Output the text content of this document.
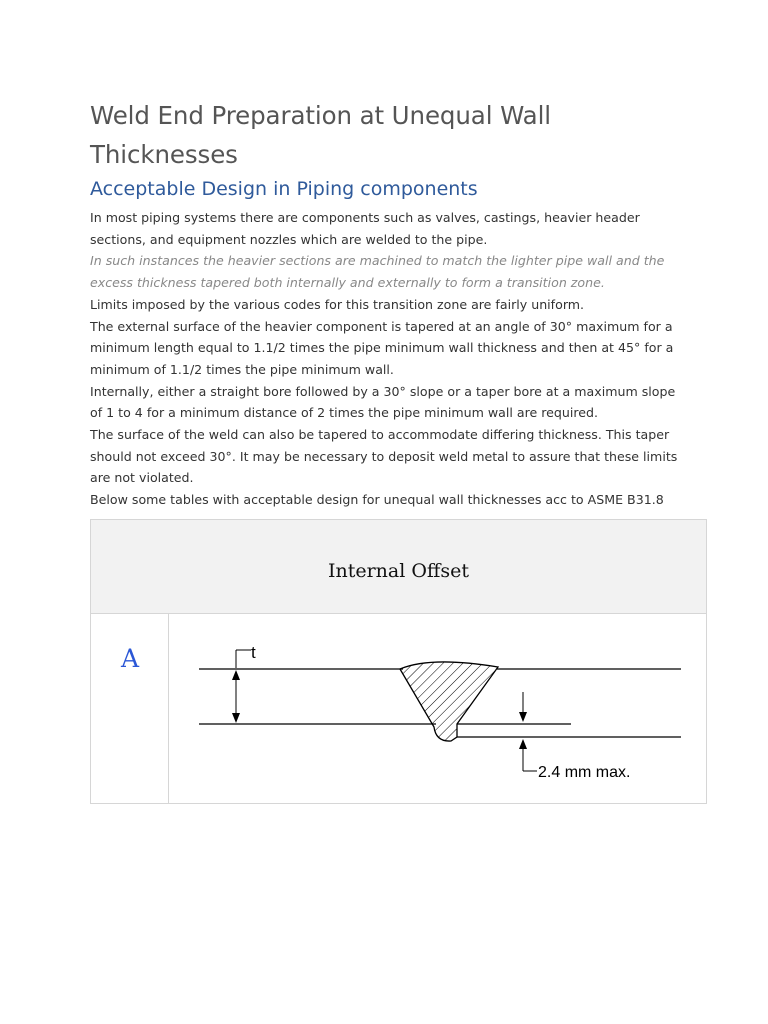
Weld End Preparation at Unequal Wall Thicknesses
Acceptable Design in Piping components

In most piping systems there are components such as valves, castings, heavier header sections, and equipment nozzles which are welded to the pipe.

In such instances the heavier sections are machined to match the lighter pipe wall and the excess thickness tapered both internally and externally to form a transition zone.

Limits imposed by the various codes for this transition zone are fairly uniform.

The external surface of the heavier component is tapered at an angle of 30° maximum for a minimum length equal to 1.1/2 times the pipe minimum wall thickness and then at 45° for a minimum of 1.1/2 times the pipe minimum wall.

Internally, either a straight bore followed by a 30° slope or a taper bore at a maximum slope of 1 to 4 for a minimum distance of 2 times the pipe minimum wall are required.

The surface of the weld can also be tapered to accommodate differing thickness. This taper should not exceed 30°. It may be necessary to deposit weld metal to assure that these limits are not violated.

Below some tables with acceptable design for unequal wall thicknesses acc to ASME B31.8

Internal Offset
A	t
2.4 mm max.
